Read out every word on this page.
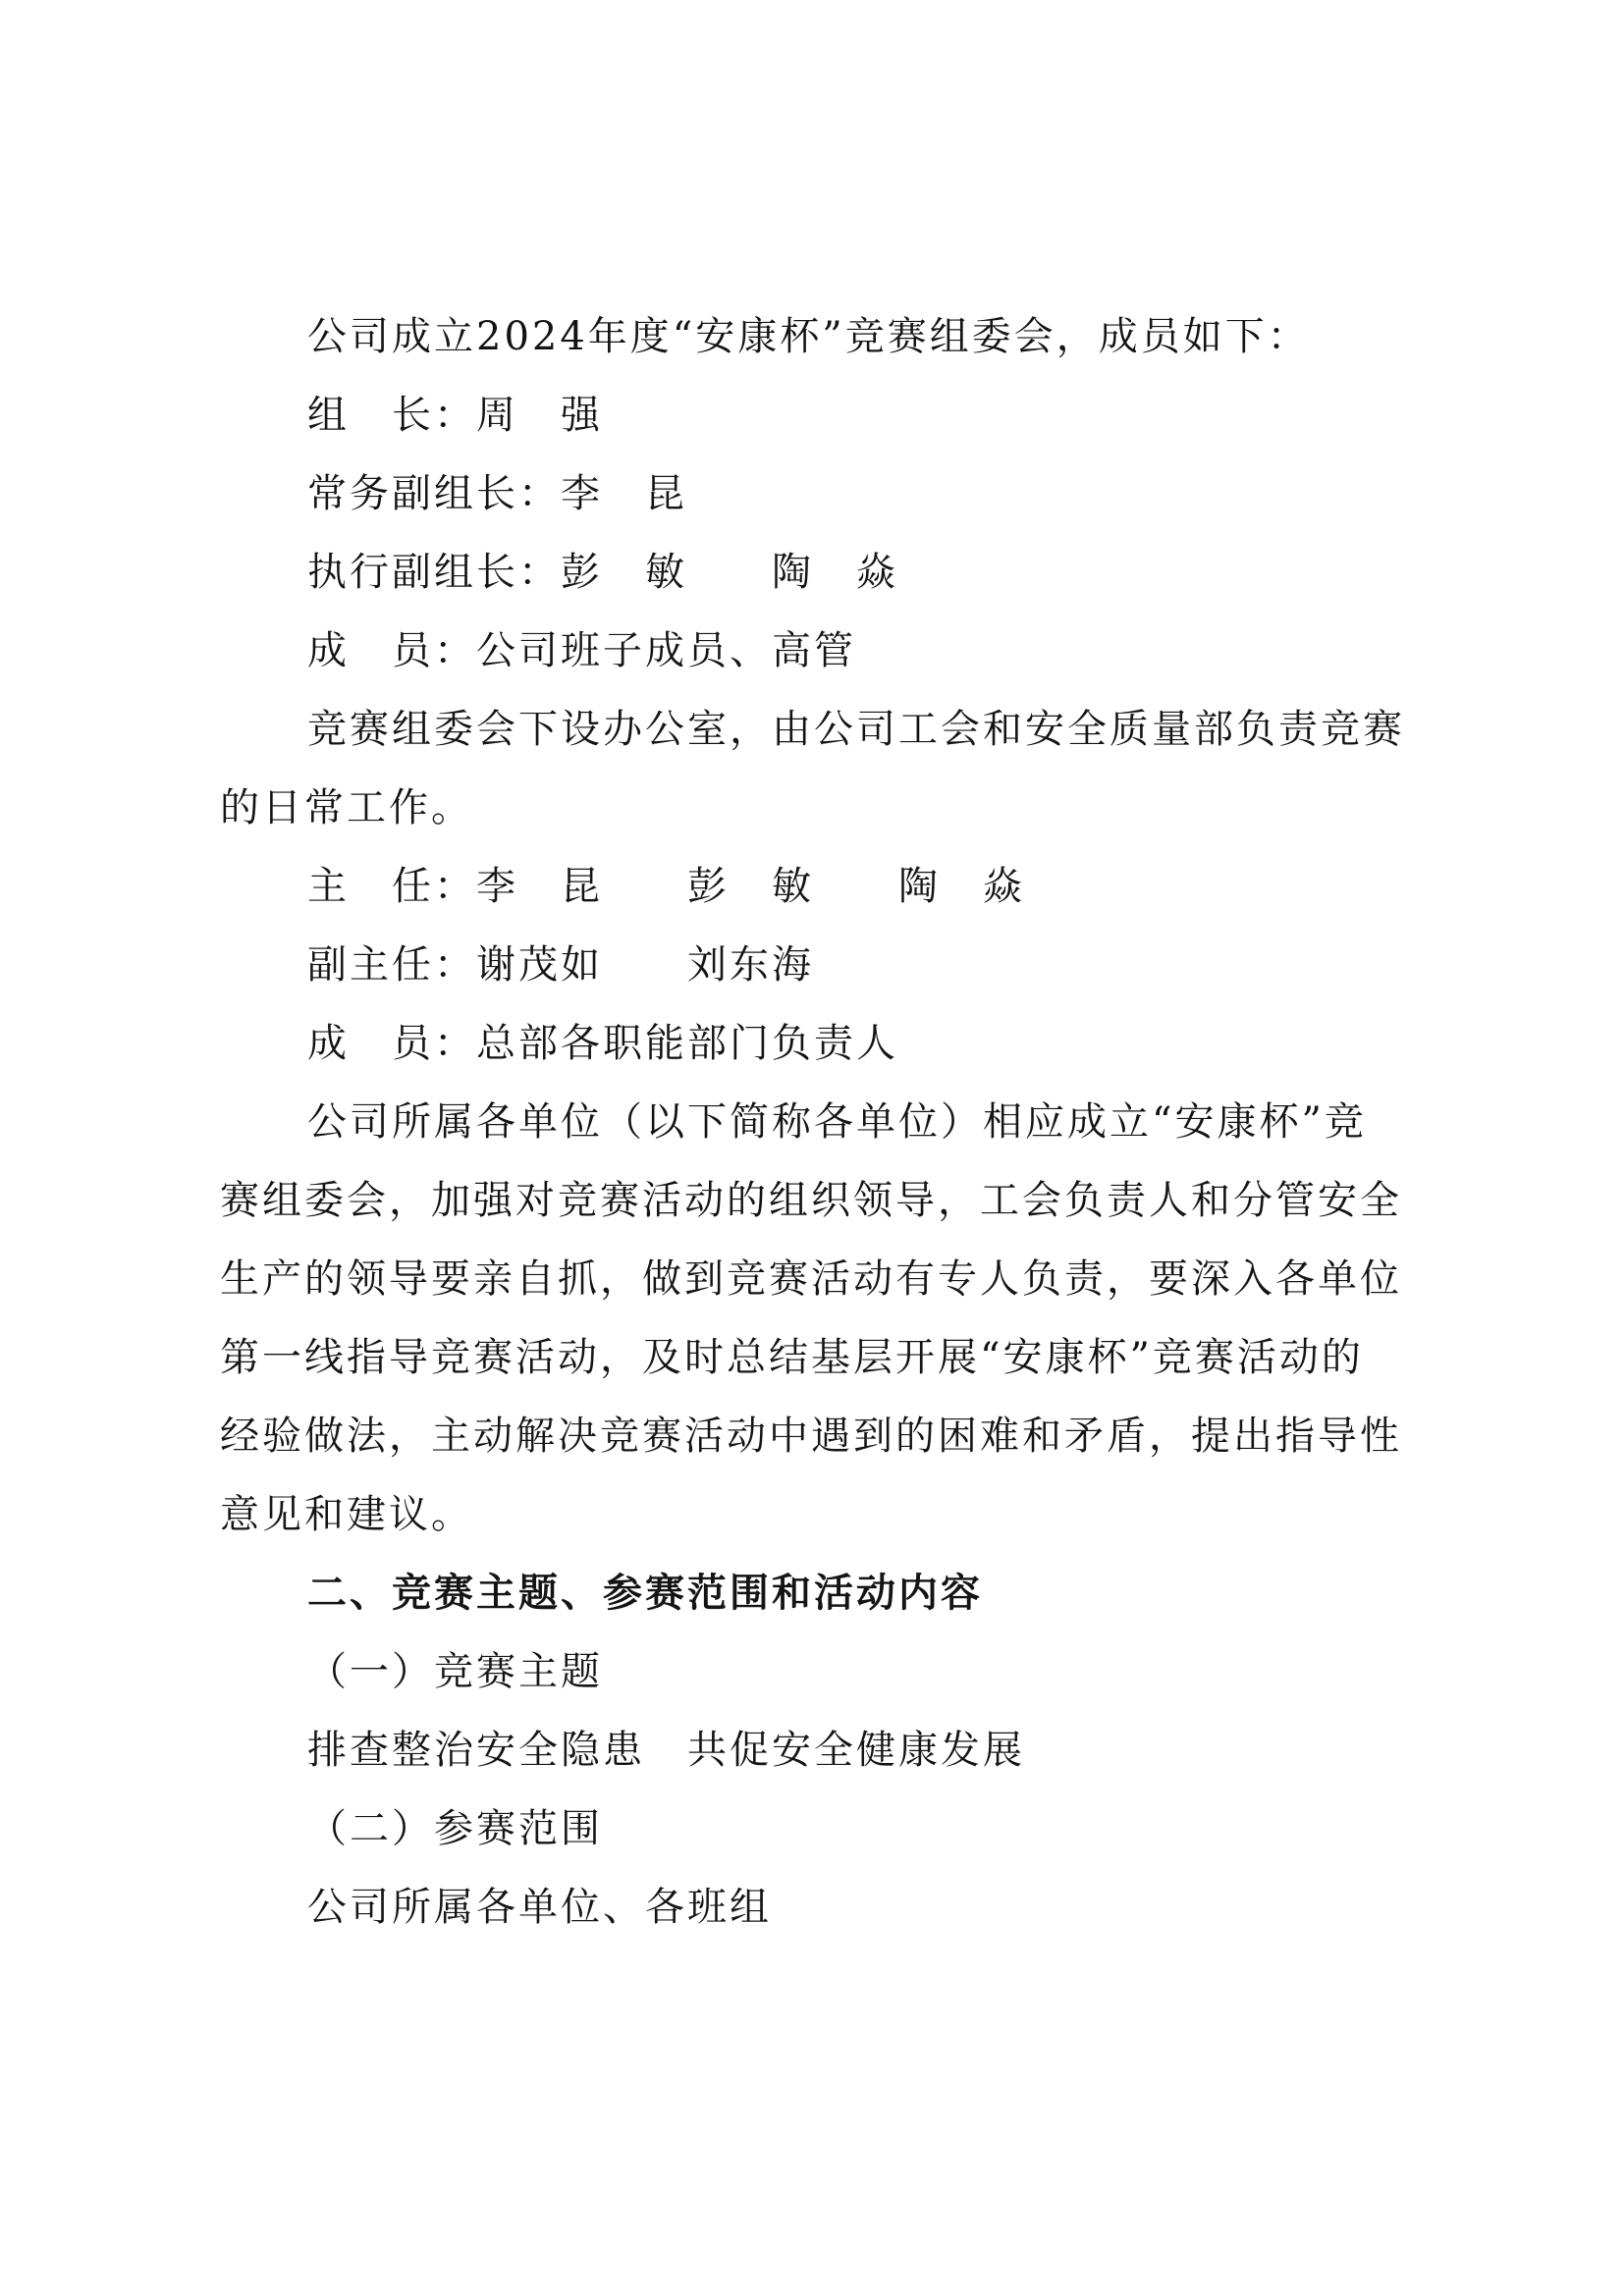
公司成立2024年度“安康杯”竞赛组委会，成员如下：
组　长：周　强
常务副组长：李　昆
执行副组长：彭　敏　　陶　焱
成　员：公司班子成员、高管
竞赛组委会下设办公室，由公司工会和安全质量部负责竞赛
的日常工作。
主　任：李　昆　　彭　敏　　陶　焱
副主任：谢茂如　　刘东海
成　员：总部各职能部门负责人
公司所属各单位（以下简称各单位）相应成立“安康杯”竞
赛组委会，加强对竞赛活动的组织领导，工会负责人和分管安全
生产的领导要亲自抓，做到竞赛活动有专人负责，要深入各单位
第一线指导竞赛活动，及时总结基层开展“安康杯”竞赛活动的
经验做法，主动解决竞赛活动中遇到的困难和矛盾，提出指导性
意见和建议。
二、竞赛主题、参赛范围和活动内容
（一）竞赛主题
排查整治安全隐患　共促安全健康发展
（二）参赛范围
公司所属各单位、各班组
